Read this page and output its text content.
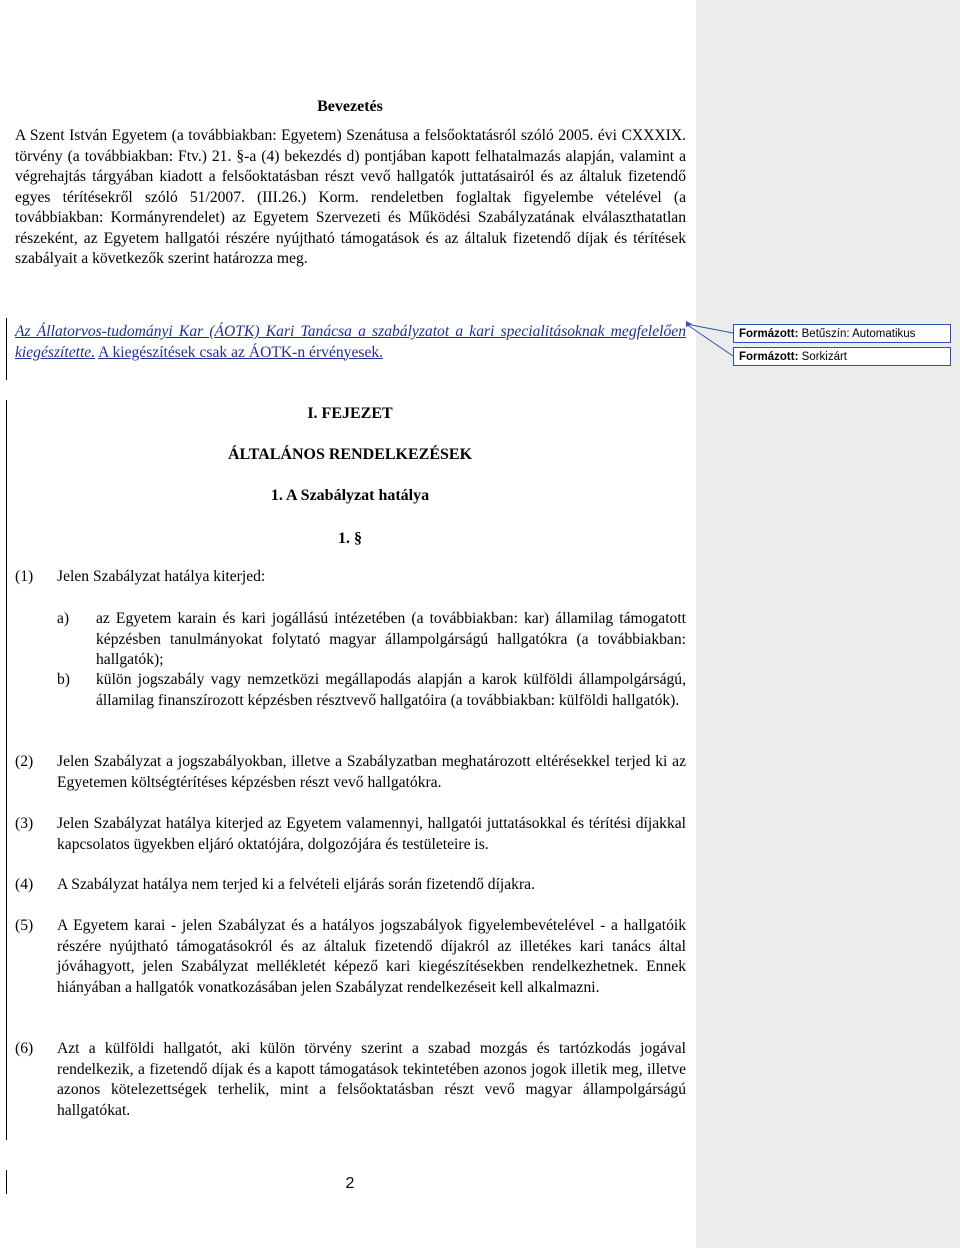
Bevezetés

A Szent István Egyetem (a továbbiakban: Egyetem) Szenátusa a felsőoktatásról szóló 2005. évi CXXXIX. törvény (a továbbiakban: Ftv.) 21. §-a (4) bekezdés d) pontjában kapott felhatalmazás alapján, valamint a végrehajtás tárgyában kiadott a felsőoktatásban részt vevő hallgatók juttatásairól és az általuk fizetendő egyes térítésekről szóló 51/2007. (III.26.) Korm. rendeletben foglaltak figyelembe vételével (a továbbiakban: Kormányrendelet) az Egyetem Szervezeti és Működési Szabályzatának elválaszthatatlan részeként, az Egyetem hallgatói részére nyújtható támogatások és az általuk fizetendő díjak és térítések szabályait a következők szerint határozza meg.

Az Állatorvos-tudományi Kar (ÁOTK) Kari Tanácsa a szabályzatot a kari specialitásoknak megfelelően kiegészítette. A kiegészítések csak az ÁOTK-n érvényesek.

Formázott: Betűszín: Automatikus
Formázott: Sorkizárt
I. FEJEZET
ÁLTALÁNOS RENDELKEZÉSEK
1. A Szabályzat hatálya
1. §
(1) Jelen Szabályzat hatálya kiterjed:
a) az Egyetem karain és kari jogállású intézetében (a továbbiakban: kar) államilag támogatott képzésben tanulmányokat folytató magyar állampolgárságú hallgatókra (a továbbiakban: hallgatók);
b) külön jogszabály vagy nemzetközi megállapodás alapján a karok külföldi állampolgárságú, államilag finanszírozott képzésben résztvevő hallgatóira (a továbbiakban: külföldi hallgatók).
(2) Jelen Szabályzat a jogszabályokban, illetve a Szabályzatban meghatározott eltérésekkel terjed ki az Egyetemen költségtérítéses képzésben részt vevő hallgatókra.
(3) Jelen Szabályzat hatálya kiterjed az Egyetem valamennyi, hallgatói juttatásokkal és térítési díjakkal kapcsolatos ügyekben eljáró oktatójára, dolgozójára és testületeire is.
(4) A Szabályzat hatálya nem terjed ki a felvételi eljárás során fizetendő díjakra.
(5) A Egyetem karai - jelen Szabályzat és a hatályos jogszabályok figyelembevételével - a hallgatóik részére nyújtható támogatásokról és az általuk fizetendő díjakról az illetékes kari tanács által jóváhagyott, jelen Szabályzat mellékletét képező kari kiegészítésekben rendelkezhetnek. Ennek hiányában a hallgatók vonatkozásában jelen Szabályzat rendelkezéseit kell alkalmazni.
(6) Azt a külföldi hallgatót, aki külön törvény szerint a szabad mozgás és tartózkodás jogával rendelkezik, a fizetendő díjak és a kapott támogatások tekintetében azonos jogok illetik meg, illetve azonos kötelezettségek terhelik, mint a felsőoktatásban részt vevő magyar állampolgárságú hallgatókat.
2
